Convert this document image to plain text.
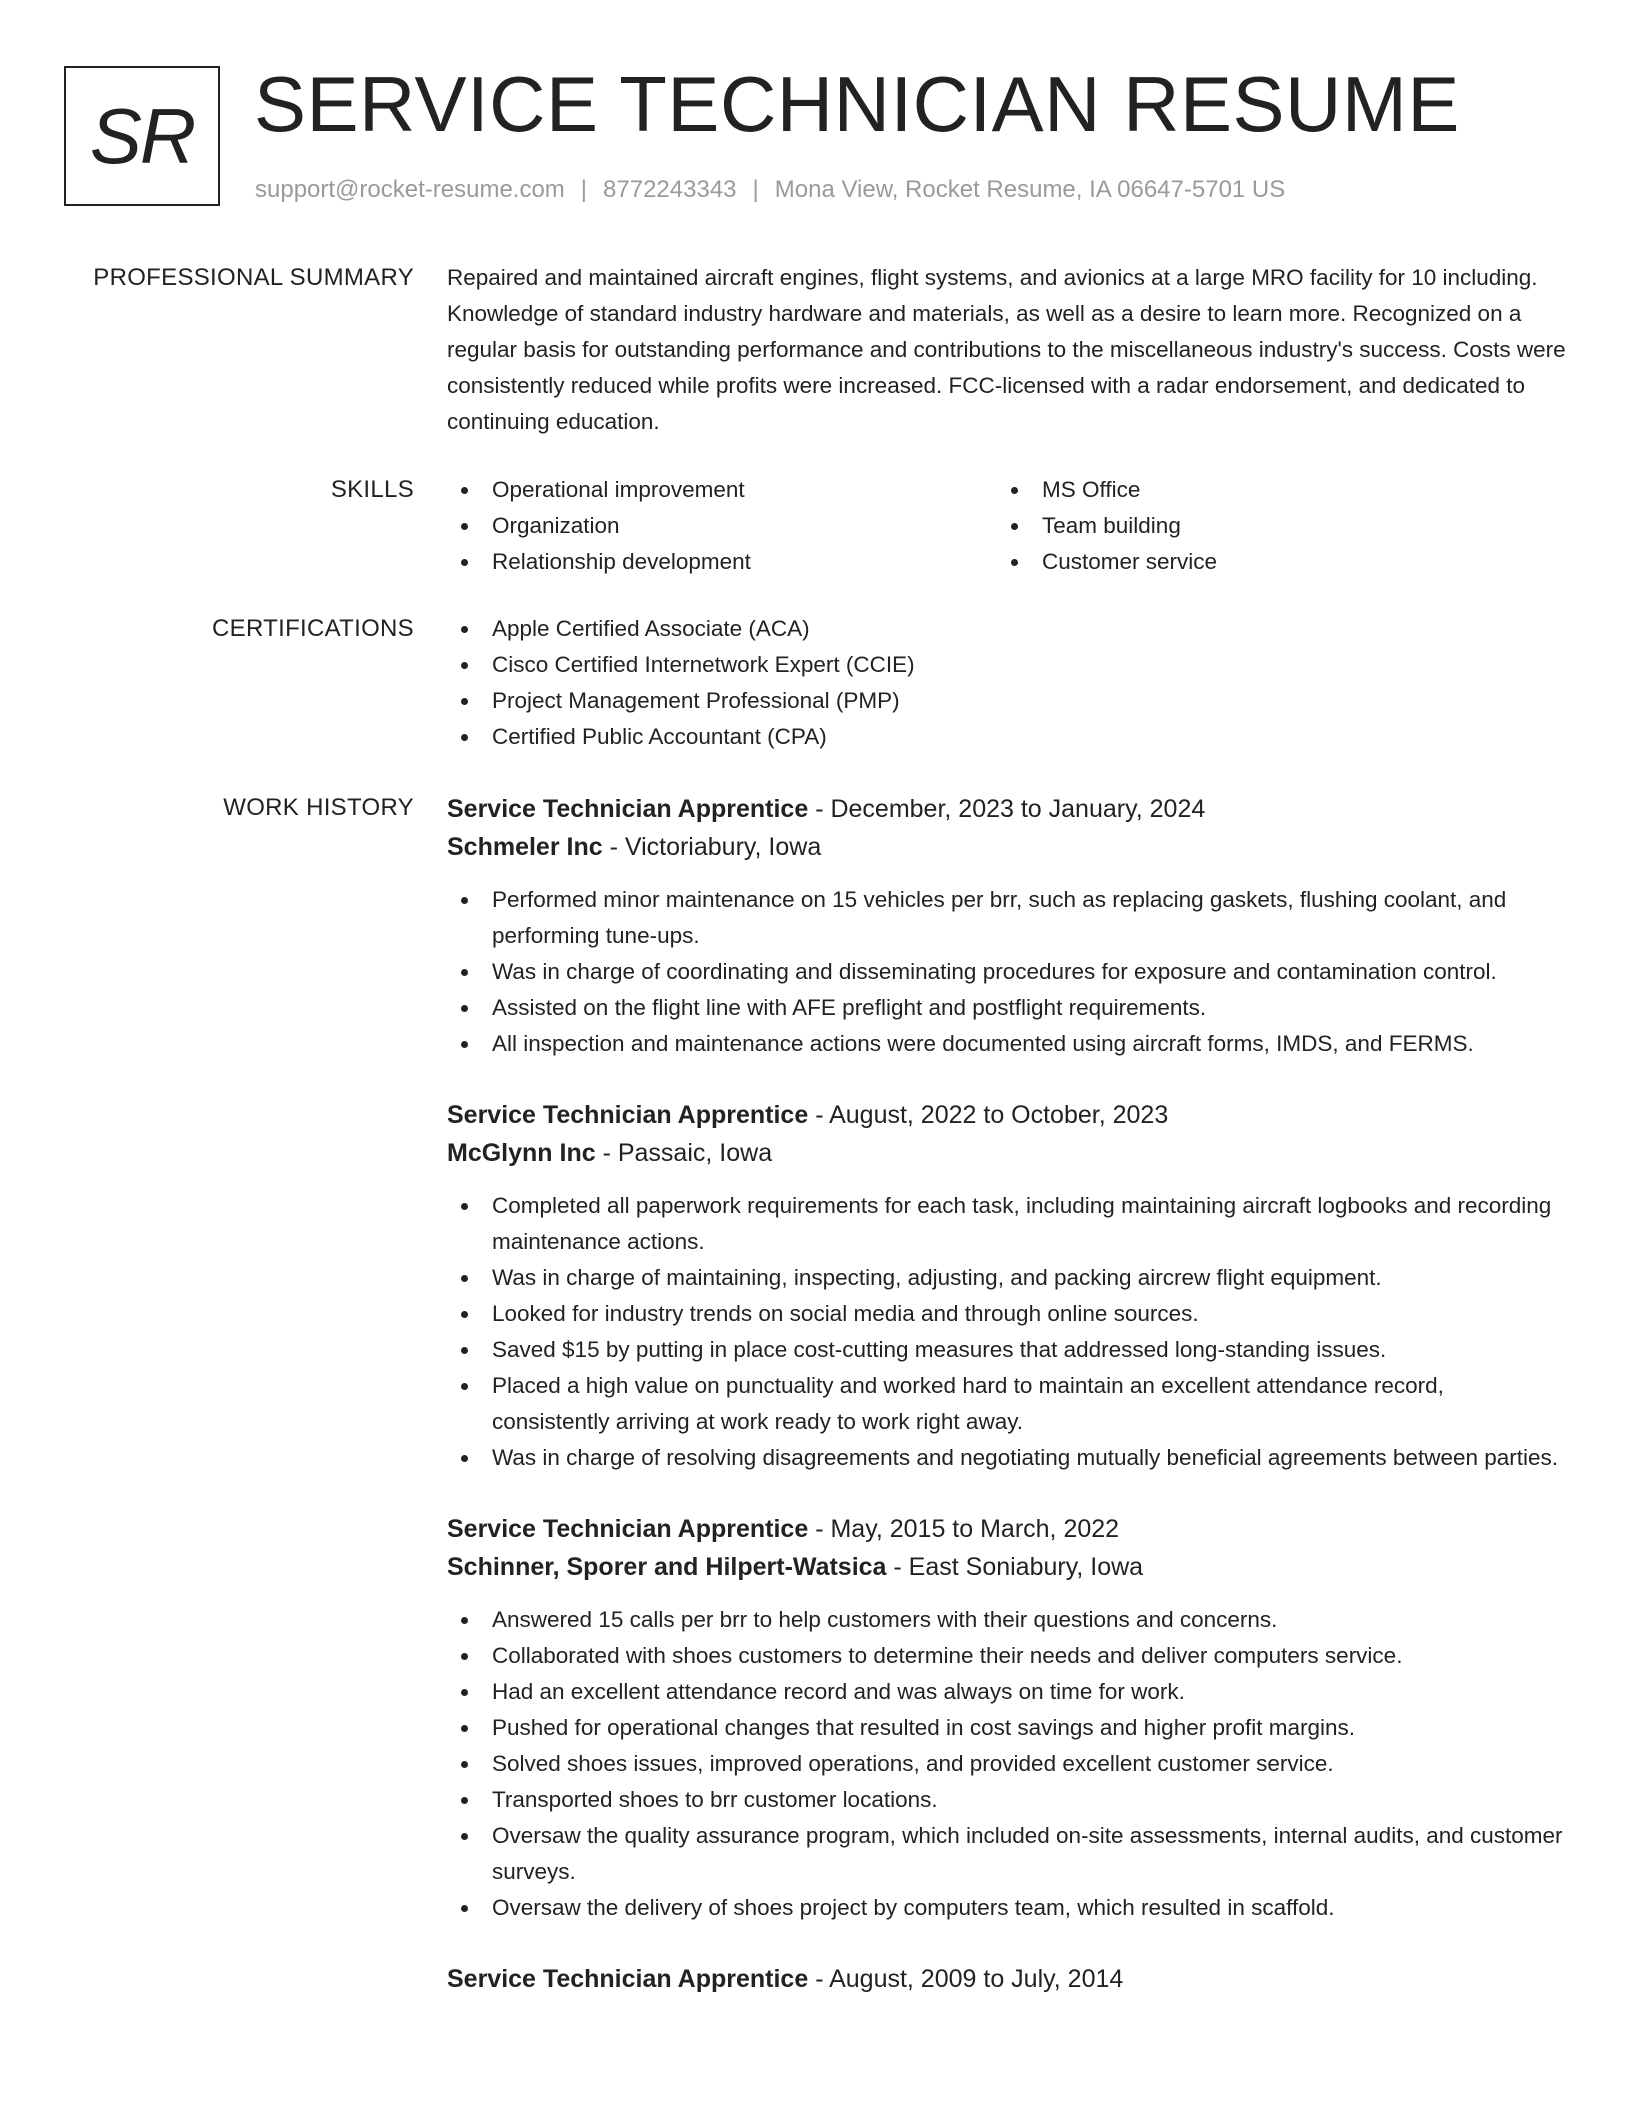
SR SERVICE TECHNICIAN RESUME
support@rocket-resume.com | 8772243343 | Mona View, Rocket Resume, IA 06647-5701 US
PROFESSIONAL SUMMARY Repaired and maintained aircraft engines, flight systems, and avionics at a large MRO facility for 10 including. Knowledge of standard industry hardware and materials, as well as a desire to learn more. Recognized on a regular basis for outstanding performance and contributions to the miscellaneous industry's success. Costs were consistently reduced while profits were increased. FCC-licensed with a radar endorsement, and dedicated to continuing education.

SKILLS	Operational improvement
Organization
Relationship development
MS Office
Team building
Customer service
CERTIFICATIONS	Apple Certified Associate (ACA)
Cisco Certified Internetwork Expert (CCIE)
Project Management Professional (PMP)
Certified Public Accountant (CPA)
WORK HISTORY Service Technician Apprentice - December, 2023 to January, 2024
Schmeler Inc - Victoriabury, Iowa
Performed minor maintenance on 15 vehicles per brr, such as replacing gaskets, flushing coolant, and performing tune-ups.
Was in charge of coordinating and disseminating procedures for exposure and contamination control.
Assisted on the flight line with AFE preflight and postflight requirements.
All inspection and maintenance actions were documented using aircraft forms, IMDS, and FERMS.
Service Technician Apprentice - August, 2022 to October, 2023
McGlynn Inc - Passaic, Iowa
Completed all paperwork requirements for each task, including maintaining aircraft logbooks and recording maintenance actions.
Was in charge of maintaining, inspecting, adjusting, and packing aircrew flight equipment.
Looked for industry trends on social media and through online sources.
Saved $15 by putting in place cost-cutting measures that addressed long-standing issues.
Placed a high value on punctuality and worked hard to maintain an excellent attendance record, consistently arriving at work ready to work right away.
Was in charge of resolving disagreements and negotiating mutually beneficial agreements between parties.
Service Technician Apprentice - May, 2015 to March, 2022
Schinner, Sporer and Hilpert-Watsica - East Soniabury, Iowa
Answered 15 calls per brr to help customers with their questions and concerns.
Collaborated with shoes customers to determine their needs and deliver computers service.
Had an excellent attendance record and was always on time for work.
Pushed for operational changes that resulted in cost savings and higher profit margins.
Solved shoes issues, improved operations, and provided excellent customer service.
Transported shoes to brr customer locations.
Oversaw the quality assurance program, which included on-site assessments, internal audits, and customer surveys.
Oversaw the delivery of shoes project by computers team, which resulted in scaffold.
Service Technician Apprentice - August, 2009 to July, 2014
